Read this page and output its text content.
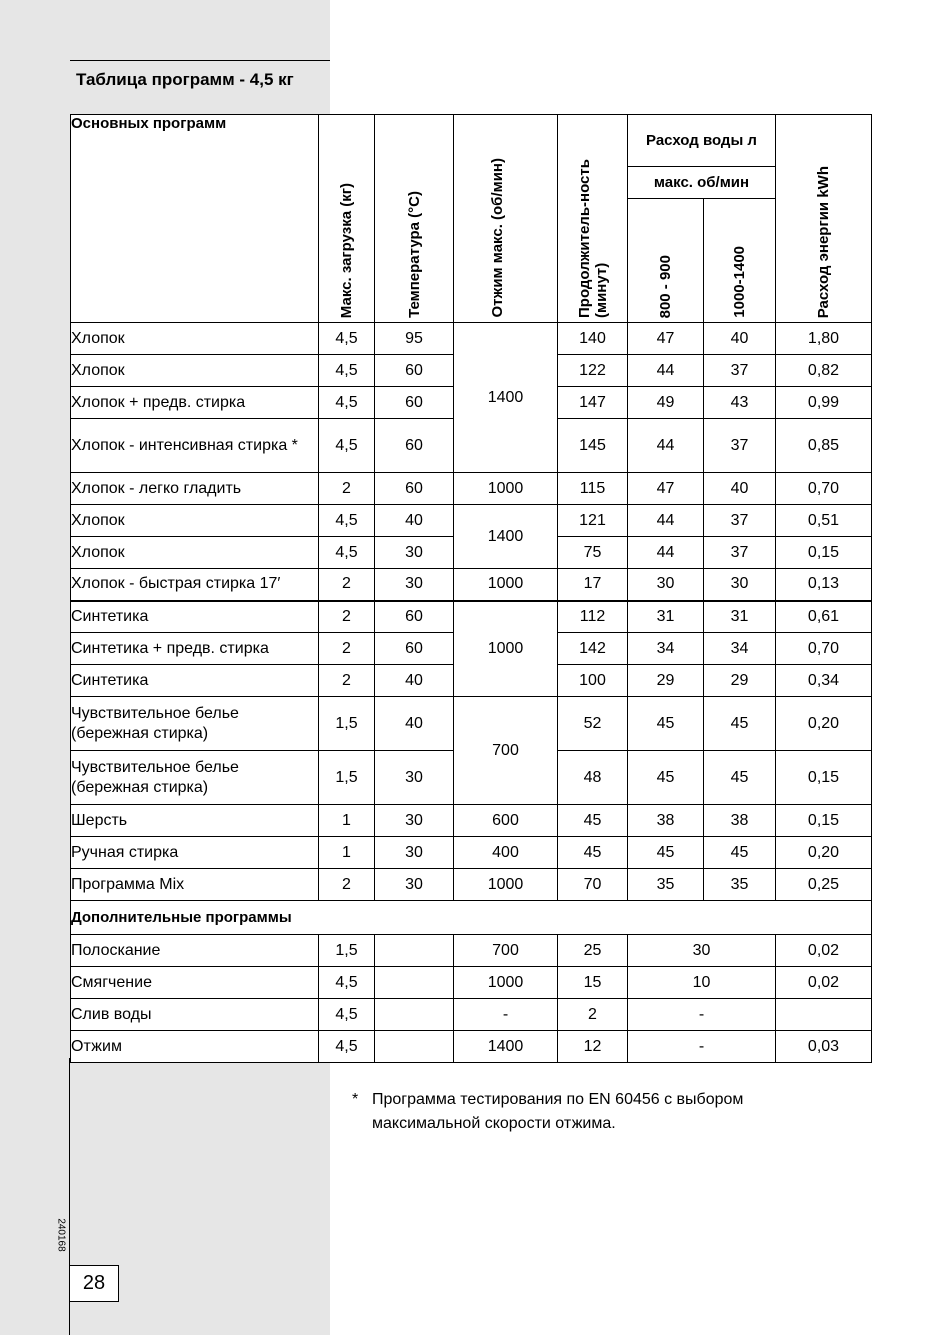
Таблица программ - 4,5 кг
Основных программ	Макс. загрузка (кг)	Температура (°С)	Отжим макс. (об/мин)	Продолжитель-ность (минут)	Расход воды л		Расход энергии kWh
					макс. об/мин		
					800 - 900	1000-1400	
Хлопок	4,5	95	1400	140	47	40	1,80
Хлопок	4,5	60		122	44	37	0,82
Хлопок + предв. стирка	4,5	60		147	49	43	0,99
Хлопок - интенсивная стирка *	4,5	60		145	44	37	0,85
Хлопок - легко гладить	2	60	1000	115	47	40	0,70
Хлопок	4,5	40	1400	121	44	37	0,51
Хлопок	4,5	30		75	44	37	0,15
Хлопок - быстрая стирка 17′	2	30	1000	17	30	30	0,13
Синтетика	2	60	1000	112	31	31	0,61
Синтетика + предв. стирка	2	60		142	34	34	0,70
Синтетика	2	40		100	29	29	0,34
Чувствительное белье (бережная стирка)	1,5	40	700	52	45	45	0,20
Чувствительное белье (бережная стирка)	1,5	30		48	45	45	0,15
Шерсть	1	30	600	45	38	38	0,15
Ручная стирка	1	30	400	45	45	45	0,20
Программа Mix	2	30	1000	70	35	35	0,25
Дополнительные программы							
Полоскание	1,5		700	25	30		0,02
Смягчение	4,5		1000	15	10		0,02
Слив воды	4,5		-	2	-		
Отжим	4,5		1400	12	-		0,03
* Программа тестирования по EN 60456 с выбором максимальной скорости отжима.
240168
28
